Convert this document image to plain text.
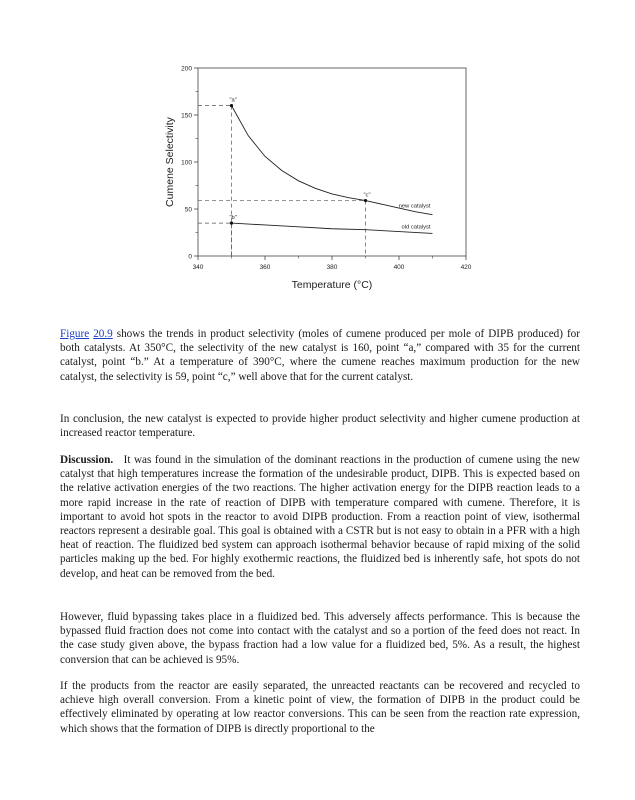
340	360	380	400	420
0
50
100
150
200
new catalyst
old catalyst
"a"
"b"
"c"
Temperature (°C)
Cumene Selectivity

Figure 20.9 shows the trends in product selectivity (moles of cumene produced per mole of DIPB produced) for both catalysts. At 350°C, the selectivity of the new catalyst is 160, point “a,” compared with 35 for the current catalyst, point “b.” At a temperature of 390°C, where the cumene reaches maximum production for the new catalyst, the selectivity is 59, point “c,” well above that for the current catalyst.

In conclusion, the new catalyst is expected to provide higher product selectivity and higher cumene production at increased reactor temperature.

Discussion. It was found in the simulation of the dominant reactions in the production of cumene using the new catalyst that high temperatures increase the formation of the undesirable product, DIPB. This is expected based on the relative activation energies of the two reactions. The higher activation energy for the DIPB reaction leads to a more rapid increase in the rate of reaction of DIPB with temperature compared with cumene. Therefore, it is important to avoid hot spots in the reactor to avoid DIPB production. From a reaction point of view, isothermal reactors represent a desirable goal. This goal is obtained with a CSTR but is not easy to obtain in a PFR with a high heat of reaction. The fluidized bed system can approach isothermal behavior because of rapid mixing of the solid particles making up the bed. For highly exothermic reactions, the fluidized bed is inherently safe, hot spots do not develop, and heat can be removed from the bed.

However, fluid bypassing takes place in a fluidized bed. This adversely affects performance. This is because the bypassed fluid fraction does not come into contact with the catalyst and so a portion of the feed does not react. In the case study given above, the bypass fraction had a low value for a fluidized bed, 5%. As a result, the highest conversion that can be achieved is 95%.

If the products from the reactor are easily separated, the unreacted reactants can be recovered and recycled to achieve high overall conversion. From a kinetic point of view, the formation of DIPB in the product could be effectively eliminated by operating at low reactor conversions. This can be seen from the reaction rate expression, which shows that the formation of DIPB is directly proportional to the
